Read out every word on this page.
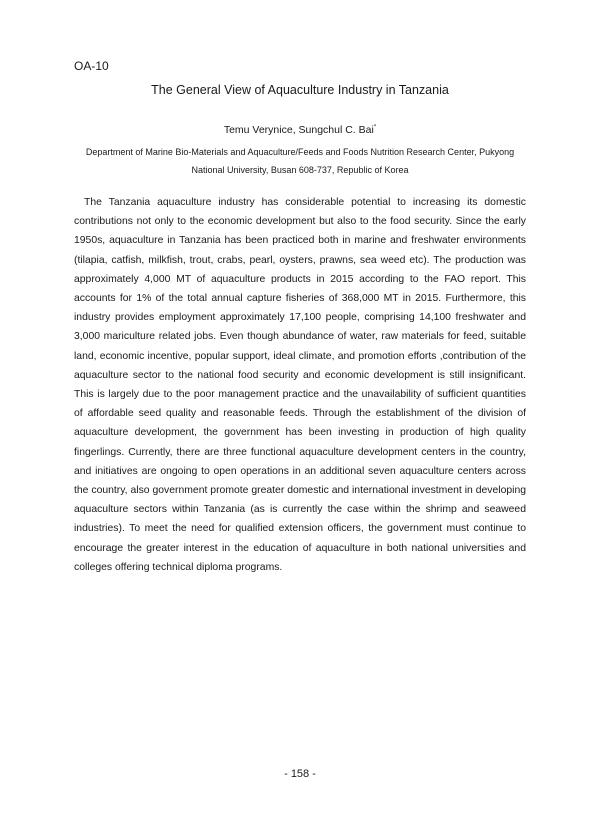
OA-10
The General View of Aquaculture Industry in Tanzania
Temu Verynice, Sungchul C. Bai*
Department of Marine Bio-Materials and Aquaculture/Feeds and Foods Nutrition Research Center, Pukyong
National University, Busan 608-737, Republic of Korea

The Tanzania aquaculture industry has considerable potential to increasing its domestic contributions not only to the economic development but also to the food security. Since the early 1950s, aquaculture in Tanzania has been practiced both in marine and freshwater environments (tilapia, catfish, milkfish, trout, crabs, pearl, oysters, prawns, sea weed etc). The production was approximately 4,000 MT of aquaculture products in 2015 according to the FAO report. This accounts for 1% of the total annual capture fisheries of 368,000 MT in 2015. Furthermore, this industry provides employment approximately 17,100 people, comprising 14,100 freshwater and 3,000 mariculture related jobs. Even though abundance of water, raw materials for feed, suitable land, economic incentive, popular support, ideal climate, and promotion efforts ,contribution of the aquaculture sector to the national food security and economic development is still insignificant. This is largely due to the poor management practice and the unavailability of sufficient quantities of affordable seed quality and reasonable feeds. Through the establishment of the division of aquaculture development, the government has been investing in production of high quality fingerlings. Currently, there are three functional aquaculture development centers in the country, and initiatives are ongoing to open operations in an additional seven aquaculture centers across the country, also government promote greater domestic and international investment in developing aquaculture sectors within Tanzania (as is currently the case within the shrimp and seaweed industries). To meet the need for qualified extension officers, the government must continue to encourage the greater interest in the education of aquaculture in both national universities and colleges offering technical diploma programs.

- 158 -
